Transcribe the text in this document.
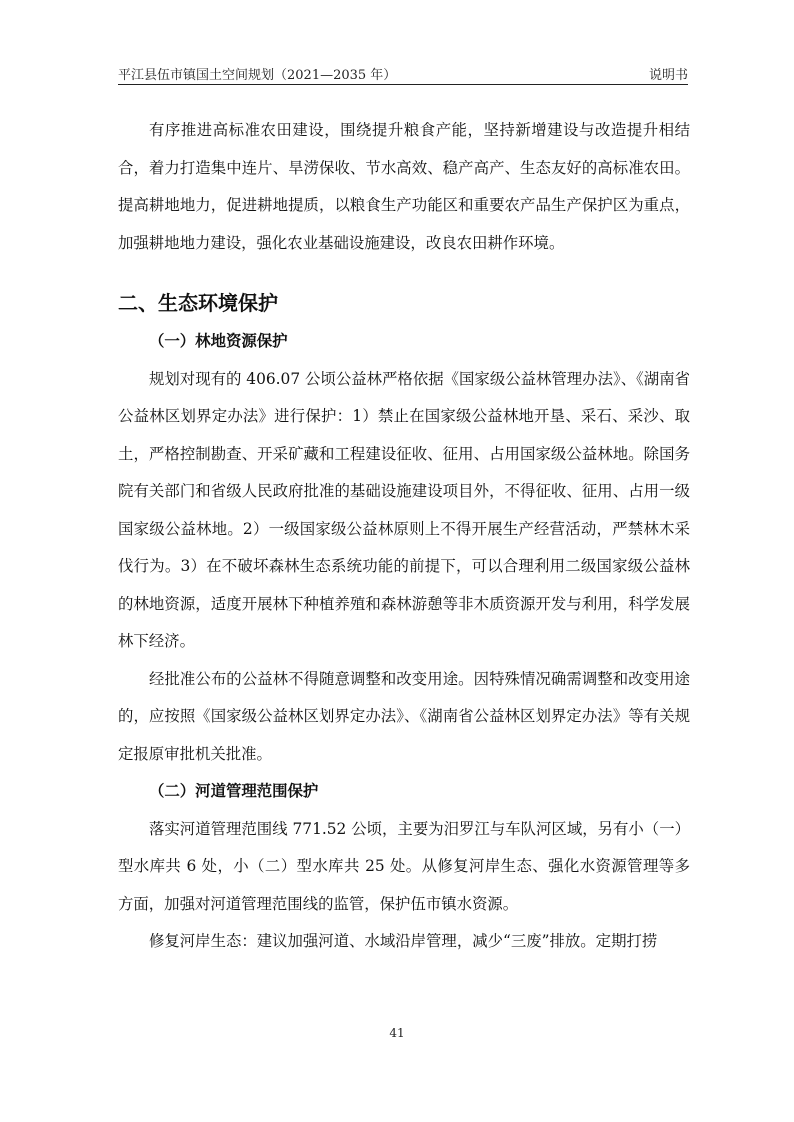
平江县伍市镇国土空间规划（2021—2035 年）	说明书

有序推进高标准农田建设，围绕提升粮食产能，坚持新增建设与改造提升相结合，着力打造集中连片、旱涝保收、节水高效、稳产高产、生态友好的高标准农田。提高耕地地力，促进耕地提质，以粮食生产功能区和重要农产品生产保护区为重点，加强耕地地力建设，强化农业基础设施建设，改良农田耕作环境。

二、生态环境保护
（一）林地资源保护

规划对现有的 406.07 公顷公益林严格依据《国家级公益林管理办法》、《湖南省公益林区划界定办法》进行保护：1）禁止在国家级公益林地开垦、采石、采沙、取土，严格控制勘查、开采矿藏和工程建设征收、征用、占用国家级公益林地。除国务院有关部门和省级人民政府批准的基础设施建设项目外，不得征收、征用、占用一级国家级公益林地。2）一级国家级公益林原则上不得开展生产经营活动，严禁林木采伐行为。3）在不破坏森林生态系统功能的前提下，可以合理利用二级国家级公益林的林地资源，适度开展林下种植养殖和森林游憩等非木质资源开发与利用，科学发展林下经济。

经批准公布的公益林不得随意调整和改变用途。因特殊情况确需调整和改变用途的，应按照《国家级公益林区划界定办法》、《湖南省公益林区划界定办法》等有关规定报原审批机关批准。

（二）河道管理范围保护

落实河道管理范围线 771.52 公顷，主要为汨罗江与车队河区域，另有小（一）型水库共 6 处，小（二）型水库共 25 处。从修复河岸生态、强化水资源管理等多方面，加强对河道管理范围线的监管，保护伍市镇水资源。

修复河岸生态：建议加强河道、水域沿岸管理，减少“三废”排放。定期打捞

41
